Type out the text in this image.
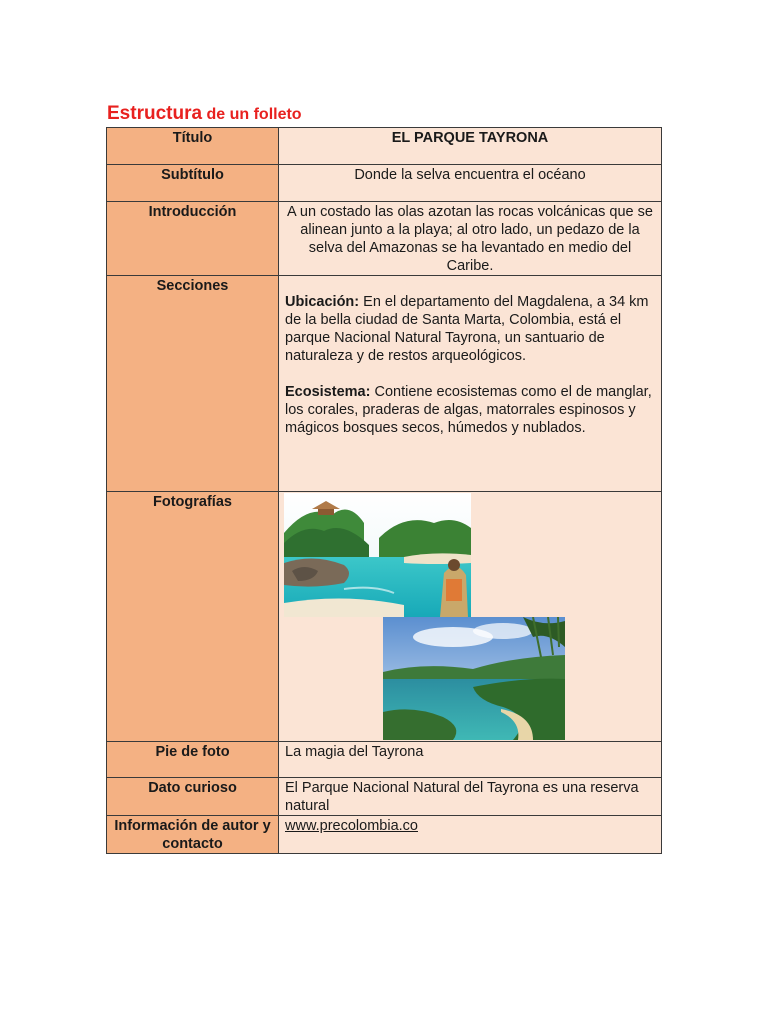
Estructura de un folleto
Título	EL PARQUE TAYRONA
Subtítulo	Donde la selva encuentra el océano
Introducción	A un costado las olas azotan las rocas volcánicas que se alinean junto a la playa; al otro lado, un pedazo de la selva del Amazonas se ha levantado en medio del Caribe.
Secciones	Ubicación: En el departamento del Magdalena, a 34 km de la bella ciudad de Santa Marta, Colombia, está el parque Nacional Natural Tayrona, un santuario de naturaleza y de restos arqueológicos.

Ecosistema: Contiene ecosistemas como el de manglar, los corales, praderas de algas, matorrales espinosos y mágicos bosques secos, húmedos y nublados.

Fotografías	

Pie de foto	La magia del Tayrona
Dato curioso	El Parque Nacional Natural del Tayrona es una reserva natural
Información de autor y contacto	www.precolombia.co
